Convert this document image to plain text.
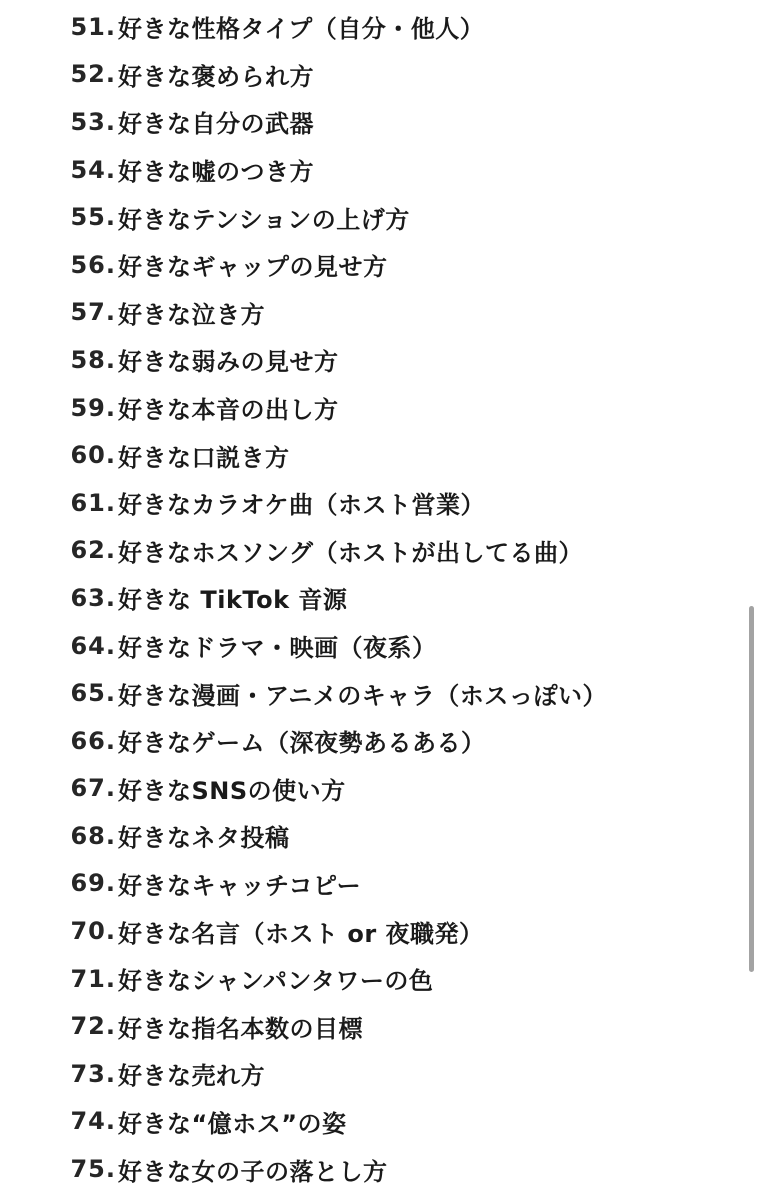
51. 好きな性格タイプ（自分・他人）
52. 好きな褒められ方
53. 好きな自分の武器
54. 好きな嘘のつき方
55. 好きなテンションの上げ方
56. 好きなギャップの見せ方
57. 好きな泣き方
58. 好きな弱みの見せ方
59. 好きな本音の出し方
60. 好きな口説き方
61. 好きなカラオケ曲（ホスト営業）
62. 好きなホスソング（ホストが出してる曲）
63. 好きな TikTok 音源
64. 好きなドラマ・映画（夜系）
65. 好きな漫画・アニメのキャラ（ホスっぽい）
66. 好きなゲーム（深夜勢あるある）
67. 好きなSNSの使い方
68. 好きなネタ投稿
69. 好きなキャッチコピー
70. 好きな名言（ホスト or 夜職発）
71. 好きなシャンパンタワーの色
72. 好きな指名本数の目標
73. 好きな売れ方
74. 好きな“億ホス”の姿
75. 好きな女の子の落とし方
